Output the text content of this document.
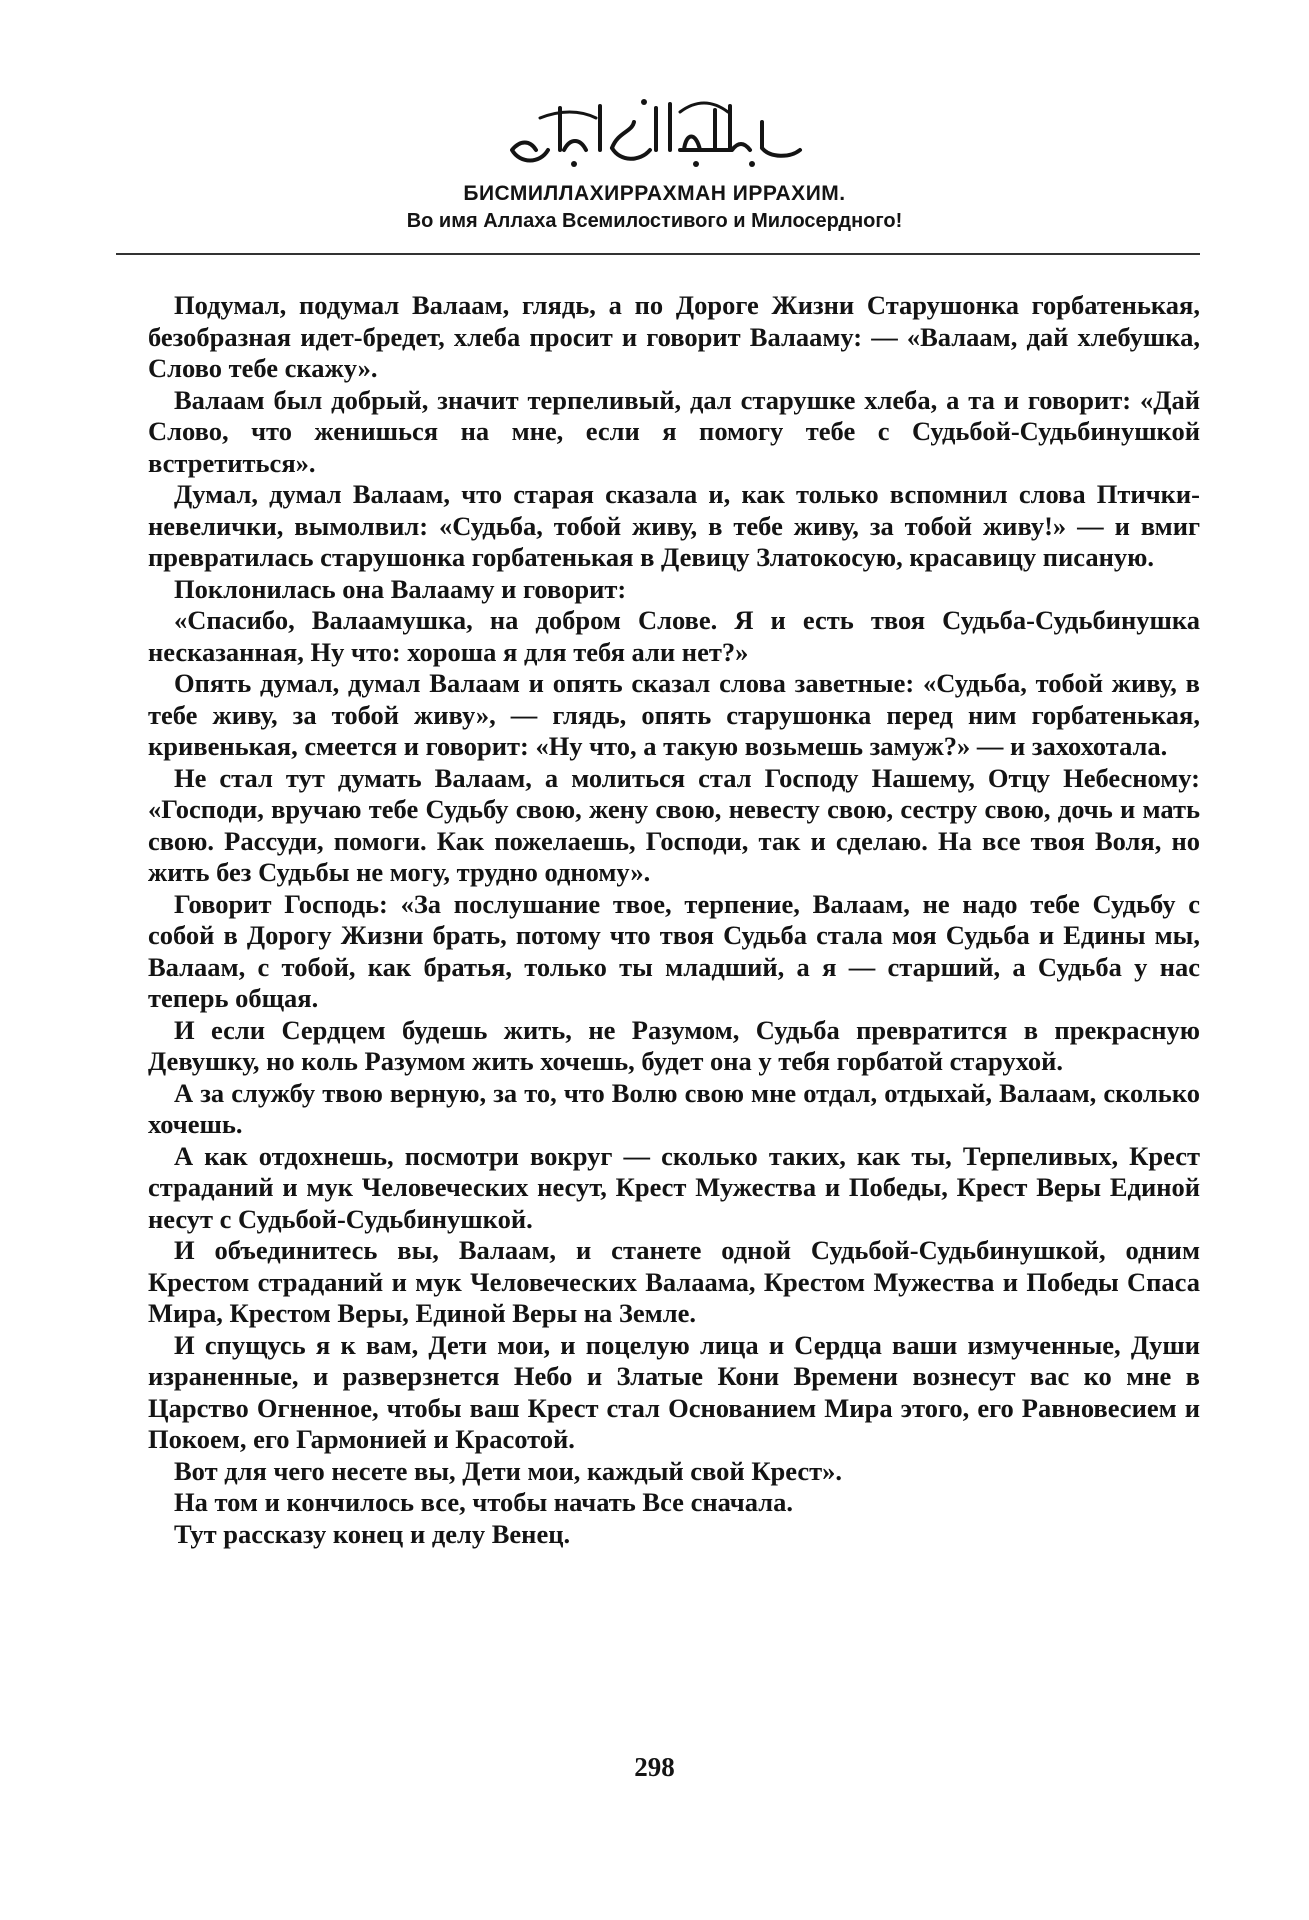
БИСМИЛЛАХИРРАХМАН ИРРАХИМ.
Во имя Аллаха Всемилостивого и Милосердного!

Подумал, подумал Валаам, глядь, а по Дороге Жизни Старушонка горбатенькая, безобразная идет-бредет, хлеба просит и говорит Валааму: — «Валаам, дай хлебушка, Слово тебе скажу».

Валаам был добрый, значит терпеливый, дал старушке хлеба, а та и говорит: «Дай Слово, что женишься на мне, если я помогу тебе с Судьбой-Судьбинушкой встретиться».

Думал, думал Валаам, что старая сказала и, как только вспомнил слова Птички-невелички, вымолвил: «Судьба, тобой живу, в тебе живу, за тобой живу!» — и вмиг превратилась старушонка горбатенькая в Девицу Златокосую, красавицу писаную.

Поклонилась она Валааму и говорит:

«Спасибо, Валаамушка, на добром Слове. Я и есть твоя Судьба-Судьбинушка несказанная, Ну что: хороша я для тебя али нет?»

Опять думал, думал Валаам и опять сказал слова заветные: «Судьба, тобой живу, в тебе живу, за тобой живу», — глядь, опять старушонка перед ним горбатенькая, кривенькая, смеется и говорит: «Ну что, а такую возьмешь замуж?» — и захохотала.

Не стал тут думать Валаам, а молиться стал Господу Нашему, Отцу Небесному: «Господи, вручаю тебе Судьбу свою, жену свою, невесту свою, сестру свою, дочь и мать свою. Рассуди, помоги. Как пожелаешь, Господи, так и сделаю. На все твоя Воля, но жить без Судьбы не могу, трудно одному».

Говорит Господь: «За послушание твое, терпение, Валаам, не надо тебе Судьбу с собой в Дорогу Жизни брать, потому что твоя Судьба стала моя Судьба и Едины мы, Валаам, с тобой, как братья, только ты младший, а я — старший, а Судьба у нас теперь общая.

И если Сердцем будешь жить, не Разумом, Судьба превратится в прекрасную Девушку, но коль Разумом жить хочешь, будет она у тебя горбатой старухой.

А за службу твою верную, за то, что Волю свою мне отдал, отдыхай, Валаам, сколько хочешь.

А как отдохнешь, посмотри вокруг — сколько таких, как ты, Терпеливых, Крест страданий и мук Человеческих несут, Крест Мужества и Победы, Крест Веры Единой несут с Судьбой-Судьбинушкой.

И объединитесь вы, Валаам, и станете одной Судьбой-Судьбинушкой, одним Крестом страданий и мук Человеческих Валаама, Крестом Мужества и Победы Спаса Мира, Крестом Веры, Единой Веры на Земле.

И спущусь я к вам, Дети мои, и поцелую лица и Сердца ваши измученные, Души израненные, и разверзнется Небо и Златые Кони Времени вознесут вас ко мне в Царство Огненное, чтобы ваш Крест стал Основанием Мира этого, его Равновесием и Покоем, его Гармонией и Красотой.

Вот для чего несете вы, Дети мои, каждый свой Крест».

На том и кончилось все, чтобы начать Все сначала.

Тут рассказу конец и делу Венец.

298
